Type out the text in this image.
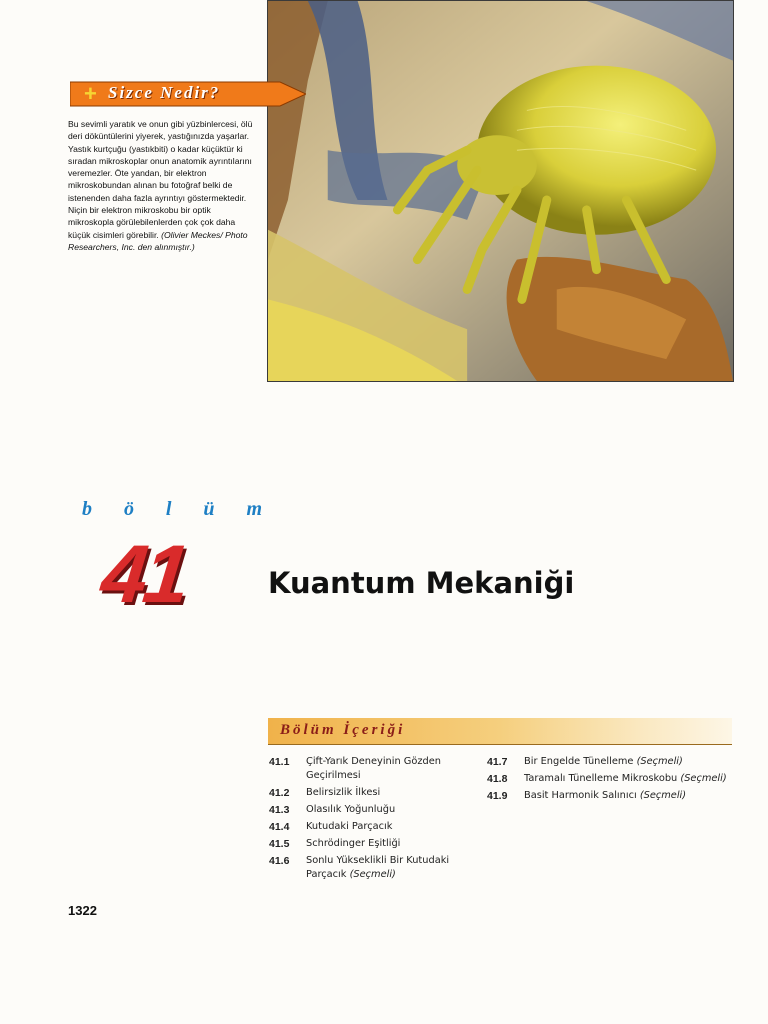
+ Sizce Nedir?
Bu sevimli yaratık ve onun gibi yüzbinlercesi, ölü deri döküntülerini yiyerek, yastığınızda yaşarlar. Yastık kurtçuğu (yastıkbiti) o kadar küçüktür ki sıradan mikroskoplar onun anatomik ayrıntılarını veremezler. Öte yandan, bir elektron mikroskobundan alınan bu fotoğraf belki de istenenden daha fazla ayrıntıyı göstermektedir. Niçin bir elektron mikroskobu bir optik mikroskopla görülebilenlerden çok çok daha küçük cisimleri görebilir. (Olivier Meckes/ Photo Researchers, Inc. den alınmıştır.)
b ö l ü m
41	Kuantum Mekaniği
Bölüm İçeriği
41.1	Çift-Yarık Deneyinin Gözden Geçirilmesi
41.2	Belirsizlik İlkesi
41.3	Olasılık Yoğunluğu
41.4	Kutudaki Parçacık
41.5	Schrödinger Eşitliği
41.6	Sonlu Yükseklikli Bir Kutudaki Parçacık (Seçmeli)
41.7	Bir Engelde Tünelleme (Seçmeli)
41.8	Taramalı Tünelleme Mikroskobu (Seçmeli)
41.9	Basit Harmonik Salınıcı (Seçmeli)
1322
